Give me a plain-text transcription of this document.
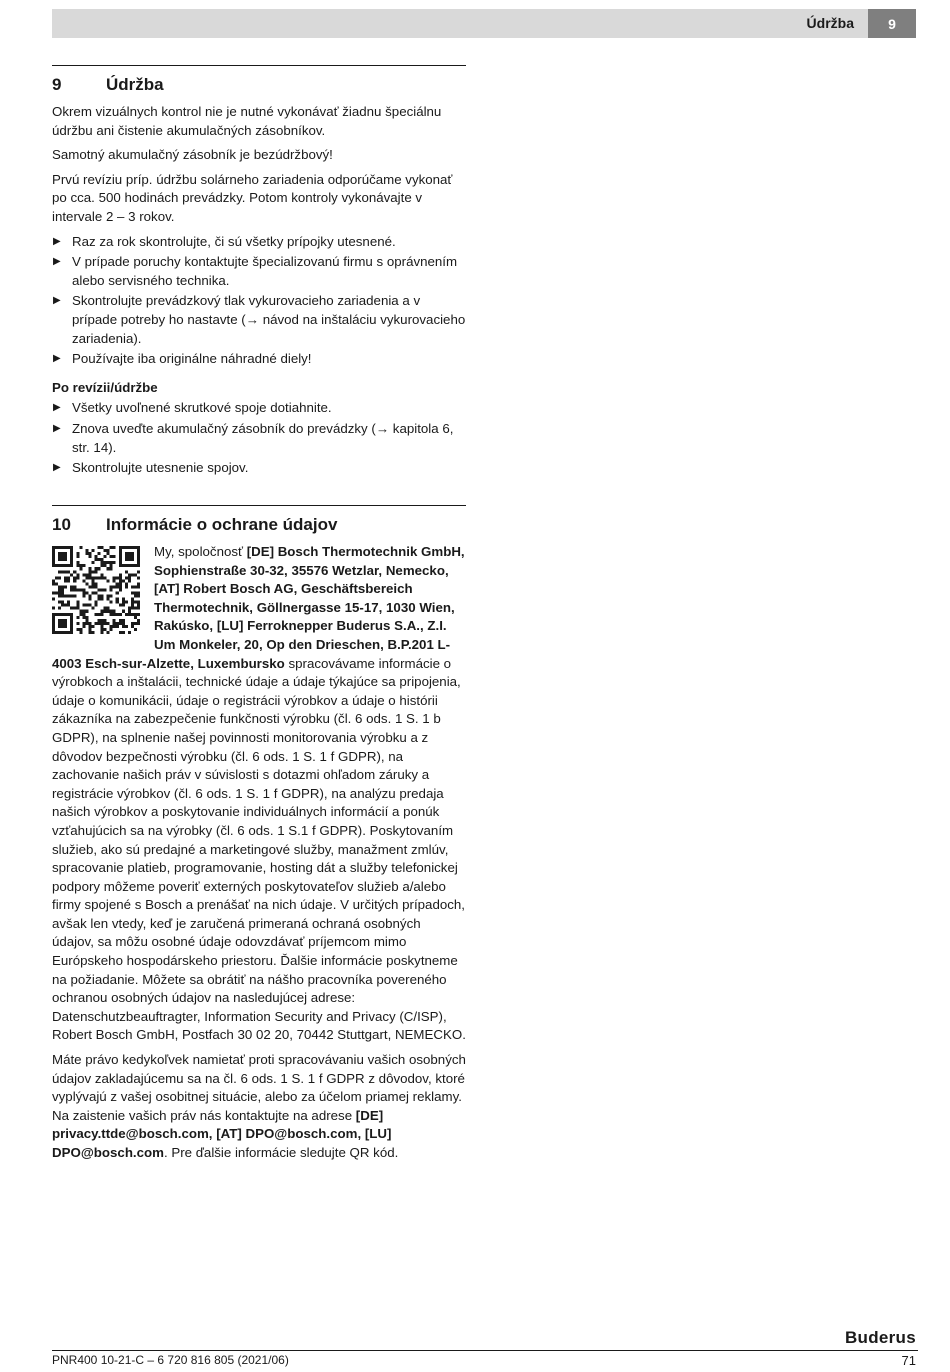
Údržba	9
9	Údržba

Okrem vizuálnych kontrol nie je nutné vykonávať žiadnu špeciálnu údržbu ani čistenie akumulačných zásobníkov.

Samotný akumulačný zásobník je bezúdržbový!

Prvú revíziu príp. údržbu solárneho zariadenia odporúčame vykonať po cca. 500 hodinách prevádzky. Potom kontroly vykonávajte v intervale 2 – 3 rokov.

▶ Raz za rok skontrolujte, či sú všetky prípojky utesnené.
▶ V prípade poruchy kontaktujte špecializovanú firmu s oprávnením alebo servisného technika.
▶ Skontrolujte prevádzkový tlak vykurovacieho zariadenia a v prípade potreby ho nastavte (→ návod na inštaláciu vykurovacieho zariadenia).
▶ Používajte iba originálne náhradné diely!
Po revízii/údržbe
▶ Všetky uvoľnené skrutkové spoje dotiahnite.
▶ Znova uveďte akumulačný zásobník do prevádzky (→ kapitola 6, str. 14).
▶ Skontrolujte utesnenie spojov.
10 Informácie o ochrane údajov

My, spoločnosť [DE] Bosch Thermotechnik GmbH, Sophienstraße 30-32, 35576 Wetzlar, Nemecko, [AT] Robert Bosch AG, Geschäftsbereich Thermotechnik, Göllnergasse 15-17, 1030 Wien, Rakúsko, [LU] Ferroknepper Buderus S.A., Z.I. Um Monkeler, 20, Op den Drieschen, B.P.201 L-4003 Esch-sur-Alzette, Luxembursko spracovávame informácie o výrobkoch a inštalácii, technické údaje a údaje týkajúce sa pripojenia, údaje o komunikácii, údaje o registrácii výrobkov a údaje o histórii zákazníka na zabezpečenie funkčnosti výrobku (čl. 6 ods. 1 S. 1 b GDPR), na splnenie našej povinnosti monitorovania výrobku a z dôvodov bezpečnosti výrobku (čl. 6 ods. 1 S. 1 f GDPR), na zachovanie našich práv v súvislosti s dotazmi ohľadom záruky a registrácie výrobkov (čl. 6 ods. 1 S. 1 f GDPR), na analýzu predaja našich výrobkov a poskytovanie individuálnych informácií a ponúk vzťahujúcich sa na výrobky (čl. 6 ods. 1 S.1 f GDPR). Poskytovaním služieb, ako sú predajné a marketingové služby, manažment zmlúv, spracovanie platieb, programovanie, hosting dát a služby telefonickej podpory môžeme poveriť externých poskytovateľov služieb a/alebo firmy spojené s Bosch a prenášať na nich údaje. V určitých prípadoch, avšak len vtedy, keď je zaručená primeraná ochraná osobných údajov, sa môžu osobné údaje odovzdávať príjemcom mimo Európskeho hospodárskeho priestoru. Ďalšie informácie poskytneme na požiadanie. Môžete sa obrátiť na nášho pracovníka povereného ochranou osobných údajov na nasledujúcej adrese: Datenschutzbeauftragter, Information Security and Privacy (C/ISP), Robert Bosch GmbH, Postfach 30 02 20, 70442 Stuttgart, NEMECKO.

Máte právo kedykoľvek namietať proti spracovávaniu vašich osobných údajov zakladajúcemu sa na čl. 6 ods. 1 S. 1 f GDPR z dôvodov, ktoré vyplývajú z vašej osobitnej situácie, alebo za účelom priamej reklamy. Na zaistenie vašich práv nás kontaktujte na adrese [DE] privacy.ttde@bosch.com, [AT] DPO@bosch.com, [LU] DPO@bosch.com. Pre ďalšie informácie sledujte QR kód.

Buderus
PNR400 10-21-C – 6 720 816 805 (2021/06)	71
